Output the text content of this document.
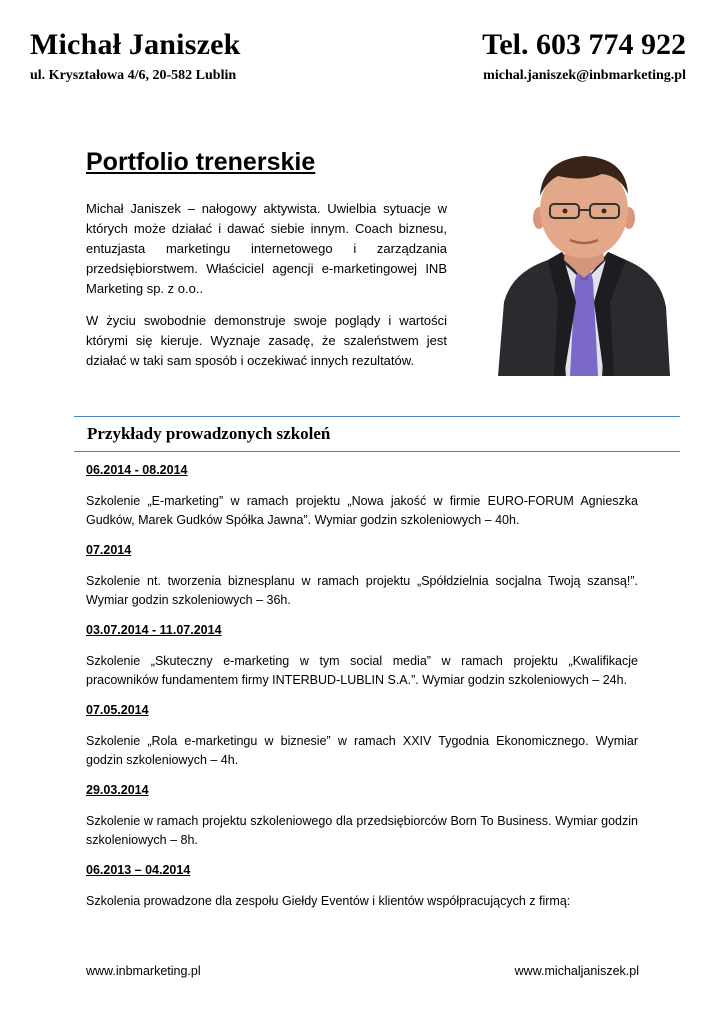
Michał Janiszek	Tel. 603 774 922
ul. Kryształowa 4/6, 20-582 Lublin	michal.janiszek@inbmarketing.pl
Portfolio trenerskie

Michał Janiszek – nałogowy aktywista. Uwielbia sytuacje w których może działać i dawać siebie innym. Coach biznesu, entuzjasta marketingu internetowego i zarządzania przedsiębiorstwem. Właściciel agencji e-marketingowej INB Marketing sp. z o.o..

W życiu swobodnie demonstruje swoje poglądy i wartości którymi się kieruje. Wyznaje zasadę, że szaleństwem jest działać w taki sam sposób i oczekiwać innych rezultatów.

Przykłady prowadzonych szkoleń

06.2014 - 08.2014

Szkolenie „E-marketing” w ramach projektu „Nowa jakość w firmie EURO-FORUM Agnieszka Gudków, Marek Gudków Spółka Jawna”. Wymiar godzin szkoleniowych – 40h.

07.2014

Szkolenie nt. tworzenia biznesplanu w ramach projektu „Spółdzielnia socjalna Twoją szansą!”. Wymiar godzin szkoleniowych – 36h.

03.07.2014 - 11.07.2014

Szkolenie „Skuteczny e-marketing w tym social media” w ramach projektu „Kwalifikacje pracowników fundamentem firmy INTERBUD-LUBLIN S.A.”. Wymiar godzin szkoleniowych – 24h.

07.05.2014

Szkolenie „Rola e-marketingu w biznesie” w ramach XXIV Tygodnia Ekonomicznego. Wymiar godzin szkoleniowych – 4h.

29.03.2014

Szkolenie w ramach projektu szkoleniowego dla przedsiębiorców Born To Business. Wymiar godzin szkoleniowych – 8h.

06.2013 – 04.2014

Szkolenia prowadzone dla zespołu Giełdy Eventów i klientów współpracujących z firmą:

www.inbmarketing.pl	www.michaljaniszek.pl
